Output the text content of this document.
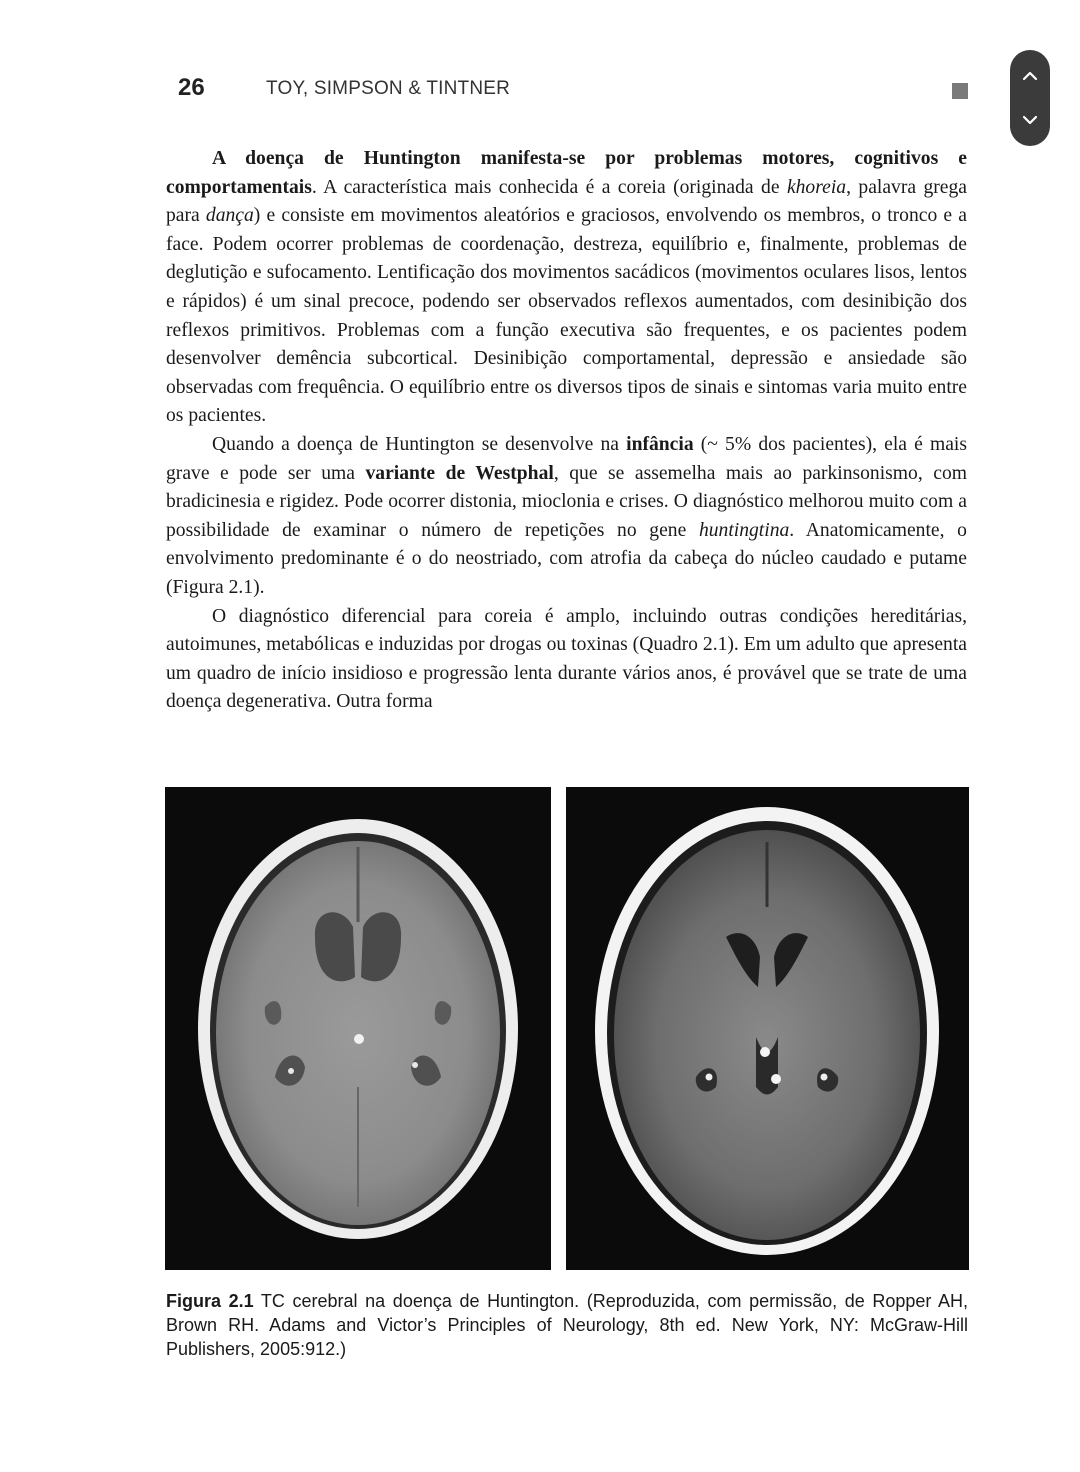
26	TOY, SIMPSON & TINTNER

A doença de Huntington manifesta-se por problemas motores, cognitivos e comportamentais. A característica mais conhecida é a coreia (originada de khoreia, palavra grega para dança) e consiste em movimentos aleatórios e graciosos, envolvendo os membros, o tronco e a face. Podem ocorrer problemas de coordenação, destreza, equilíbrio e, finalmente, problemas de deglutição e sufocamento. Lentificação dos movimentos sacádicos (movimentos oculares lisos, lentos e rápidos) é um sinal precoce, podendo ser observados reflexos aumentados, com desinibição dos reflexos primitivos. Problemas com a função executiva são frequentes, e os pacientes podem desenvolver demência subcortical. Desinibição comportamental, depressão e ansiedade são observadas com frequência. O equilíbrio entre os diversos tipos de sinais e sintomas varia muito entre os pacientes.

Quando a doença de Huntington se desenvolve na infância (~ 5% dos pacientes), ela é mais grave e pode ser uma variante de Westphal, que se assemelha mais ao parkinsonismo, com bradicinesia e rigidez. Pode ocorrer distonia, mioclonia e crises. O diagnóstico melhorou muito com a possibilidade de examinar o número de repetições no gene huntingtina. Anatomicamente, o envolvimento predominante é o do neostriado, com atrofia da cabeça do núcleo caudado e putame (Figura 2.1).

O diagnóstico diferencial para coreia é amplo, incluindo outras condições hereditárias, autoimunes, metabólicas e induzidas por drogas ou toxinas (Quadro 2.1). Em um adulto que apresenta um quadro de início insidioso e progressão lenta durante vários anos, é provável que se trate de uma doença degenerativa. Outra forma

Figura 2.1 TC cerebral na doença de Huntington. (Reproduzida, com permissão, de Ropper AH, Brown RH. Adams and Victor’s Principles of Neurology, 8th ed. New York, NY: McGraw-Hill Publishers, 2005:912.)
